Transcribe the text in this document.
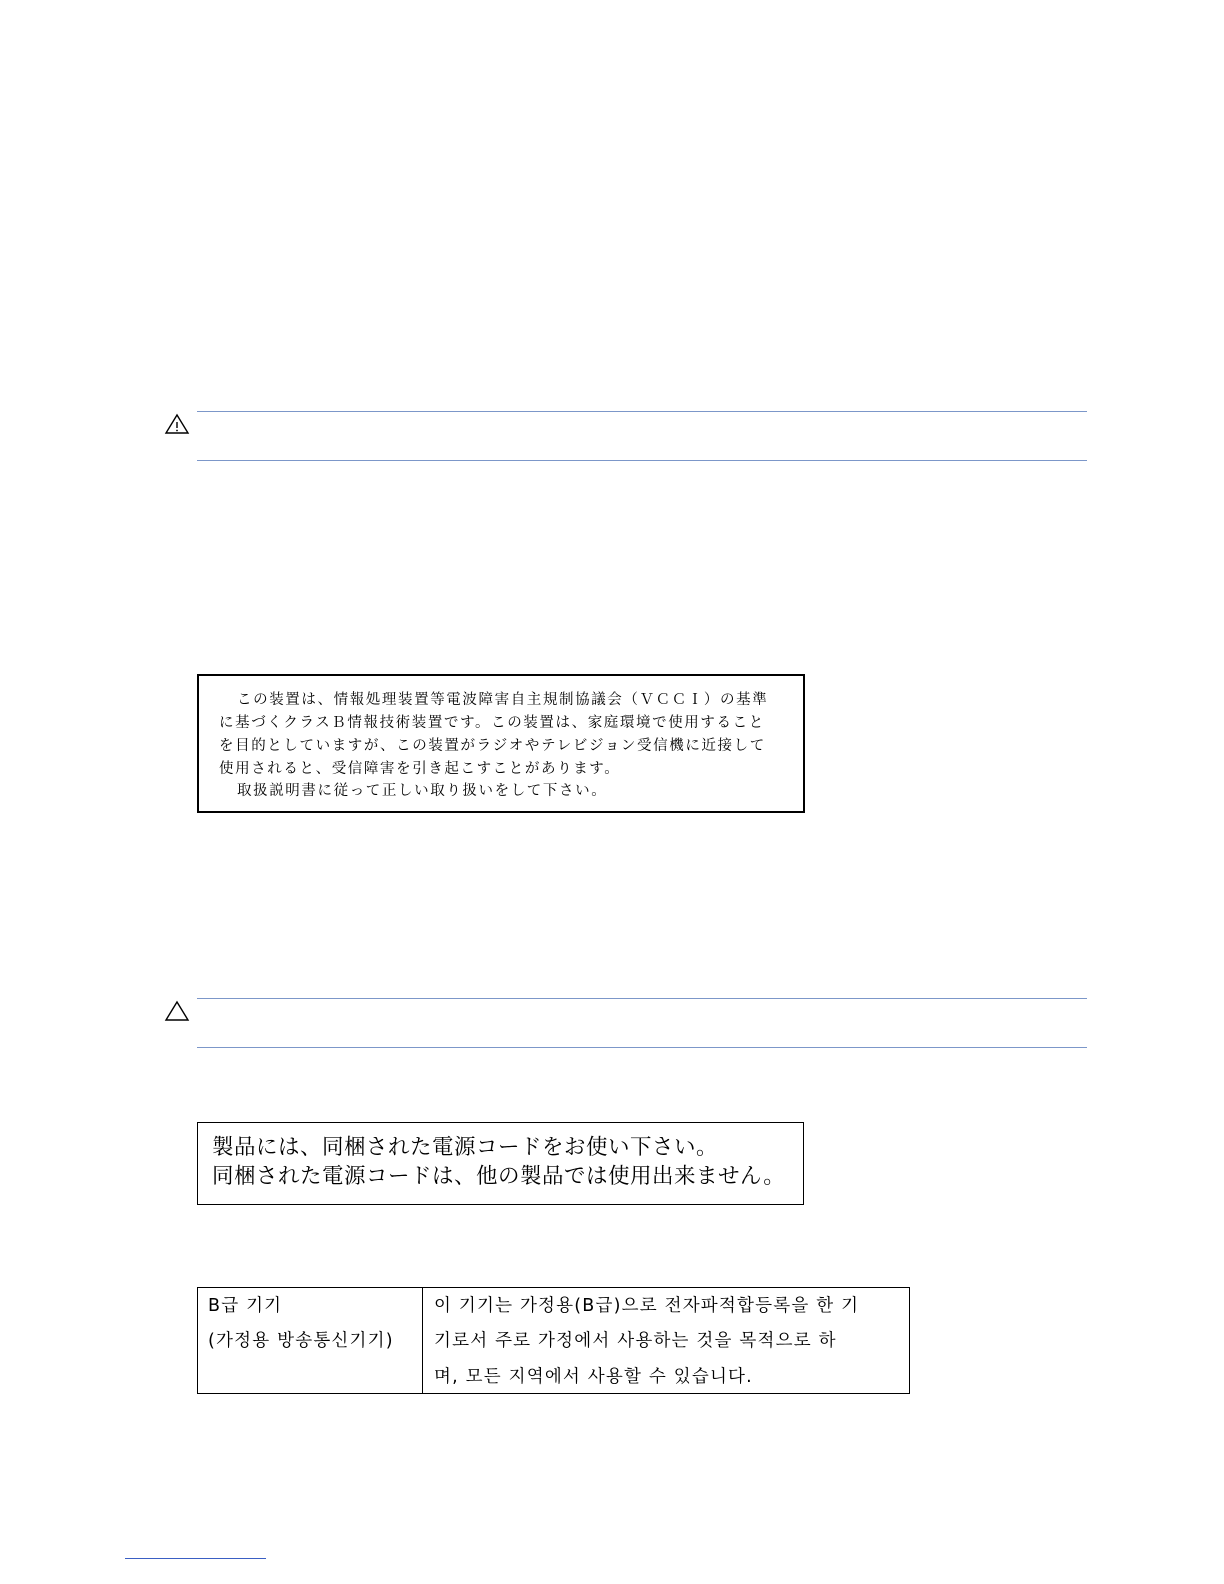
この装置は、情報処理装置等電波障害自主規制協議会（ＶＣＣＩ）の基準
に基づくクラスＢ情報技術装置です。この装置は、家庭環境で使用すること
を目的としていますが、この装置がラジオやテレビジョン受信機に近接して
使用されると、受信障害を引き起こすことがあります。
取扱説明書に従って正しい取り扱いをして下さい。
製品には、同梱された電源コードをお使い下さい。
同梱された電源コードは、他の製品では使用出来ません。
B급 기기
(가정용 방송통신기기)
이 기기는 가정용(B급)으로 전자파적합등록을 한 기
기로서 주로 가정에서 사용하는 것을 목적으로 하
며, 모든 지역에서 사용할 수 있습니다.
